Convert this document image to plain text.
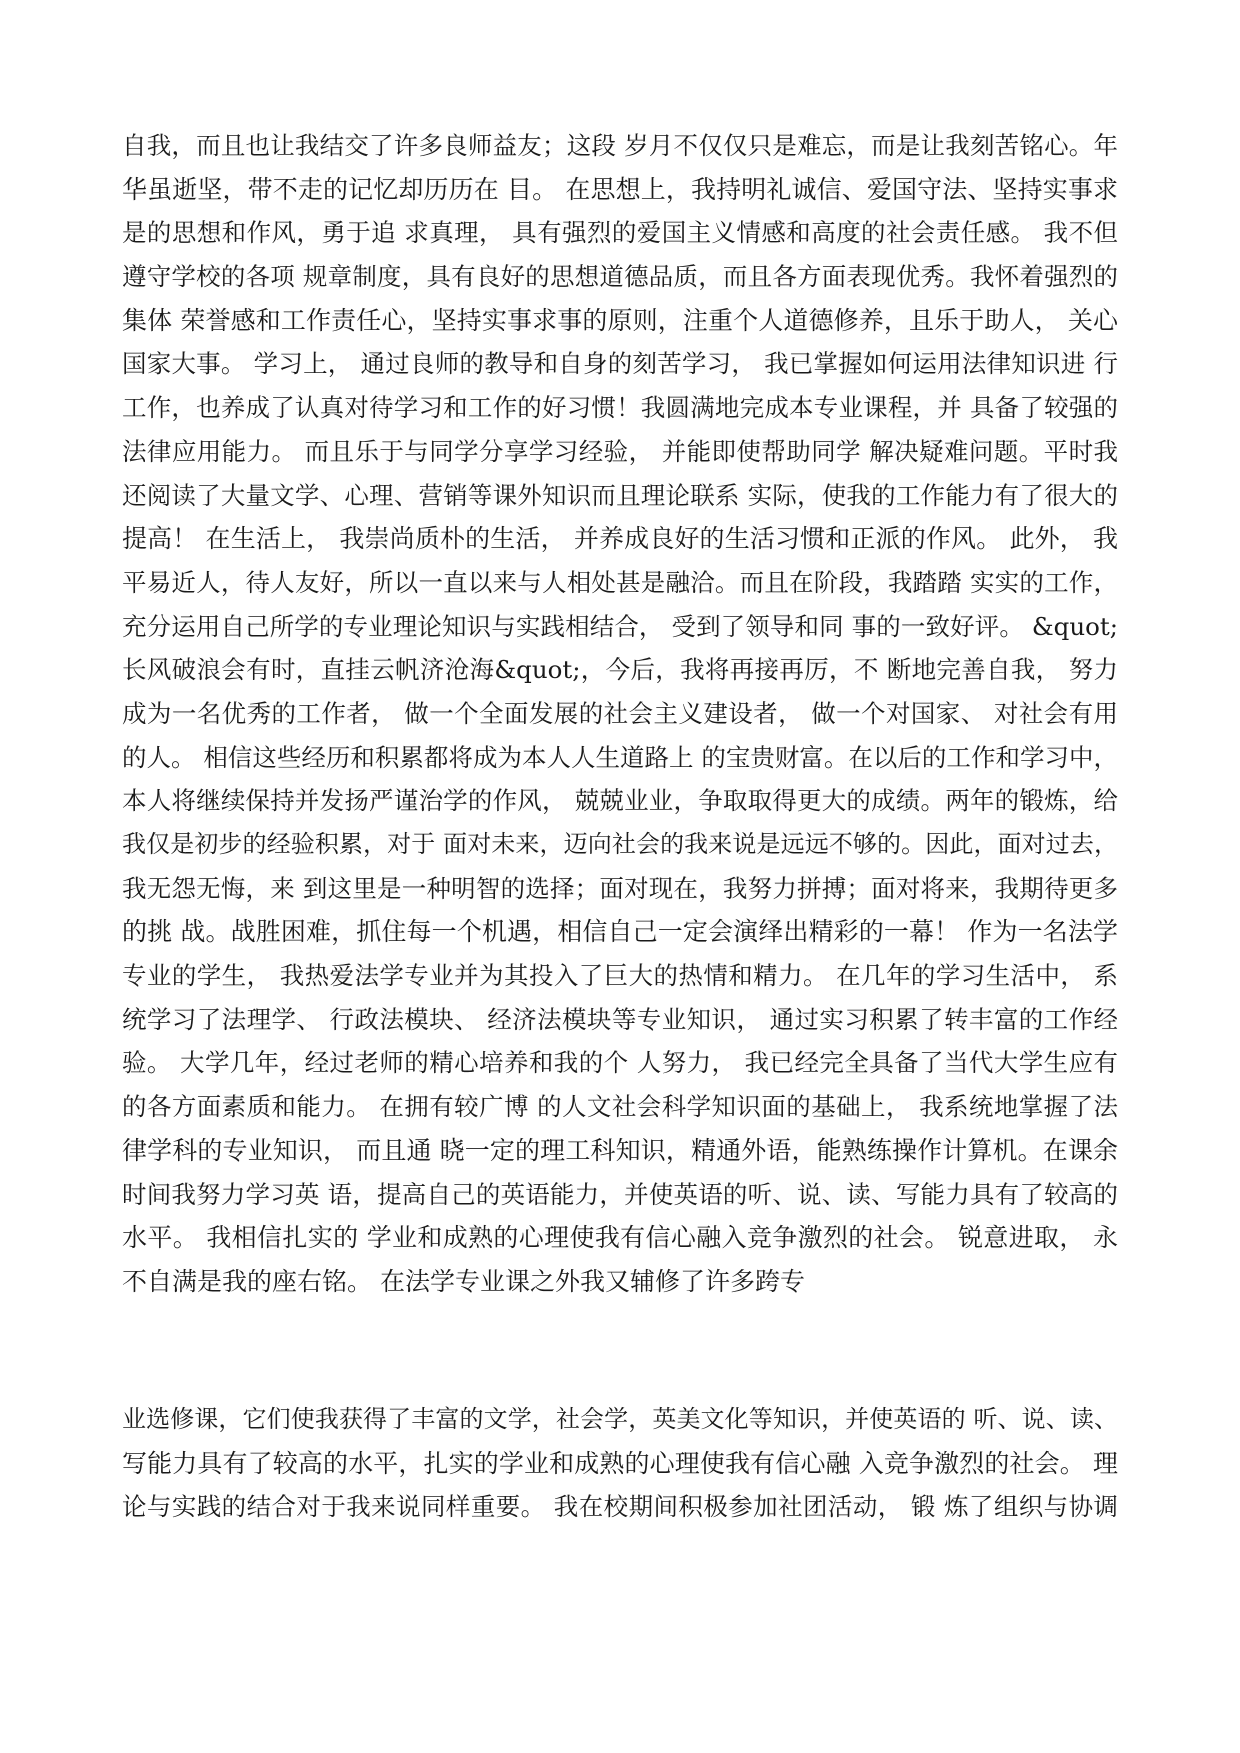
自我，而且也让我结交了许多良师益友；这段 岁月不仅仅只是难忘，而是让我刻苦铭心。年
华虽逝坚，带不走的记忆却历历在 目。 在思想上，我持明礼诚信、爱国守法、坚持实事求
是的思想和作风，勇于追 求真理， 具有强烈的爱国主义情感和高度的社会责任感。 我不但
遵守学校的各项 规章制度，具有良好的思想道德品质，而且各方面表现优秀。我怀着强烈的
集体 荣誉感和工作责任心，坚持实事求事的原则，注重个人道德修养，且乐于助人， 关心
国家大事。 学习上， 通过良师的教导和自身的刻苦学习， 我已掌握如何运用法律知识进 行
工作，也养成了认真对待学习和工作的好习惯！我圆满地完成本专业课程，并 具备了较强的
法律应用能力。 而且乐于与同学分享学习经验， 并能即使帮助同学 解决疑难问题。平时我
还阅读了大量文学、心理、营销等课外知识而且理论联系 实际，使我的工作能力有了很大的
提高！ 在生活上， 我崇尚质朴的生活， 并养成良好的生活习惯和正派的作风。 此外， 我
平易近人，待人友好，所以一直以来与人相处甚是融洽。而且在阶段，我踏踏 实实的工作，
充分运用自己所学的专业理论知识与实践相结合， 受到了领导和同 事的一致好评。 &quot;
长风破浪会有时，直挂云帆济沧海&quot;，今后，我将再接再厉，不 断地完善自我， 努力
成为一名优秀的工作者， 做一个全面发展的社会主义建设者， 做一个对国家、 对社会有用
的人。 相信这些经历和积累都将成为本人人生道路上 的宝贵财富。在以后的工作和学习中，
本人将继续保持并发扬严谨治学的作风， 兢兢业业，争取取得更大的成绩。两年的锻炼，给
我仅是初步的经验积累，对于 面对未来，迈向社会的我来说是远远不够的。因此，面对过去，
我无怨无悔，来 到这里是一种明智的选择；面对现在，我努力拼搏；面对将来，我期待更多
的挑 战。战胜困难，抓住每一个机遇，相信自己一定会演绎出精彩的一幕！ 作为一名法学
专业的学生， 我热爱法学专业并为其投入了巨大的热情和精力。 在几年的学习生活中， 系
统学习了法理学、 行政法模块、 经济法模块等专业知识， 通过实习积累了转丰富的工作经
验。 大学几年，经过老师的精心培养和我的个 人努力， 我已经完全具备了当代大学生应有
的各方面素质和能力。 在拥有较广博 的人文社会科学知识面的基础上， 我系统地掌握了法
律学科的专业知识， 而且通 晓一定的理工科知识，精通外语，能熟练操作计算机。在课余
时间我努力学习英 语，提高自己的英语能力，并使英语的听、说、读、写能力具有了较高的
水平。 我相信扎实的 学业和成熟的心理使我有信心融入竞争激烈的社会。 锐意进取， 永
不自满是我的座右铭。 在法学专业课之外我又辅修了许多跨专
业选修课，它们使我获得了丰富的文学，社会学，英美文化等知识，并使英语的 听、说、读、
写能力具有了较高的水平，扎实的学业和成熟的心理使我有信心融 入竞争激烈的社会。 理
论与实践的结合对于我来说同样重要。 我在校期间积极参加社团活动， 锻 炼了组织与协调
